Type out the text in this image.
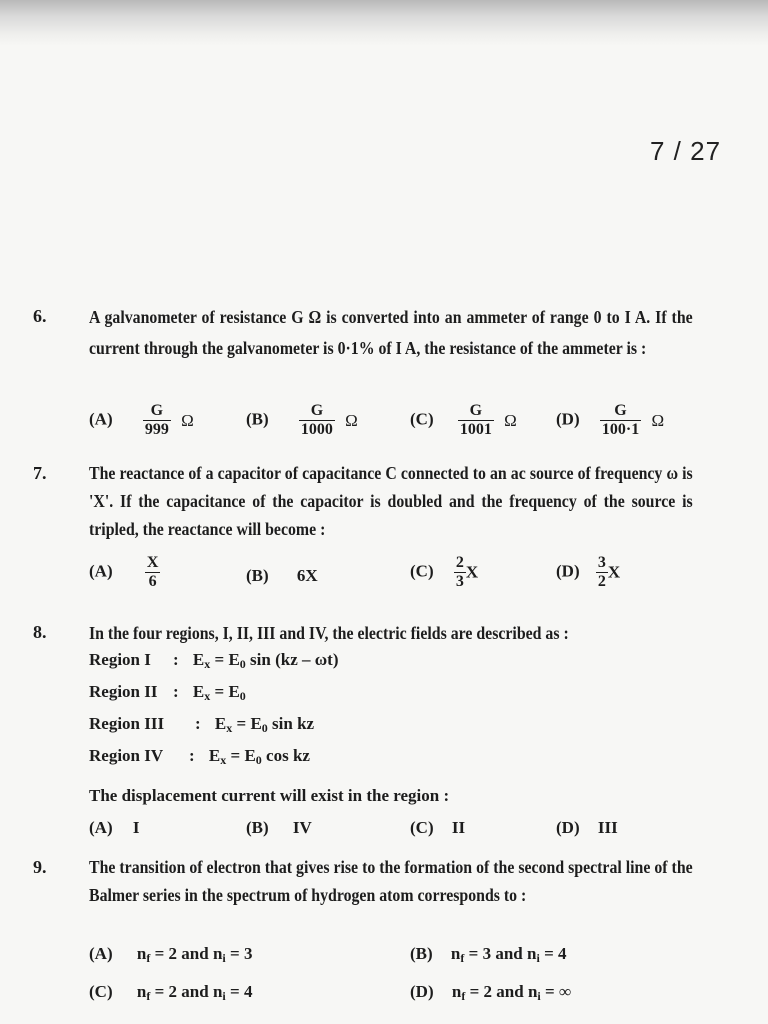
7 / 27
6. A galvanometer of resistance G Ω is converted into an ammeter of range 0 to I A. If the current through the galvanometer is 0·1% of I A, the resistance of the ammeter is :
$(A) \frac{G}{999}$ Ω	$(B) \frac{G}{1000}$ Ω	$(C) \frac{G}{1001}$ Ω $(D) \frac{G}{100\cdot 1}$ Ω
7. The reactance of a capacitor of capacitance C connected to an ac source of frequency ω is 'X'. If the capacitance of the capacitor is doubled and the frequency of the source is tripled, the reactance will become :
$(A) \frac{X}{6}$	(B) 6X	$(C) \frac{2}{3}$ X	$(D) \frac{3}{2}$ X
8. In the four regions, I, II, III and IV, the electric fields are described as :
Region I : $E_x = E_0$ sin (kz – ωt)
Region II : $E_x = E_0$
Region III : $E_x = E_0$ sin kz
Region IV : $E_x = E_0$ cos kz
The displacement current will exist in the region :
(A) I	(B) IV	(C) II	(D) III
9. The transition of electron that gives rise to the formation of the second spectral line of the Balmer series in the spectrum of hydrogen atom corresponds to :
(A) $n_f = 2$ and $n_i = 3$	(B) $n_f = 3$ and $n_i = 4$
(C) $n_f = 2$ and $n_i = 4$	(D) $n_f = 2$ and $n_i$ = ∞
